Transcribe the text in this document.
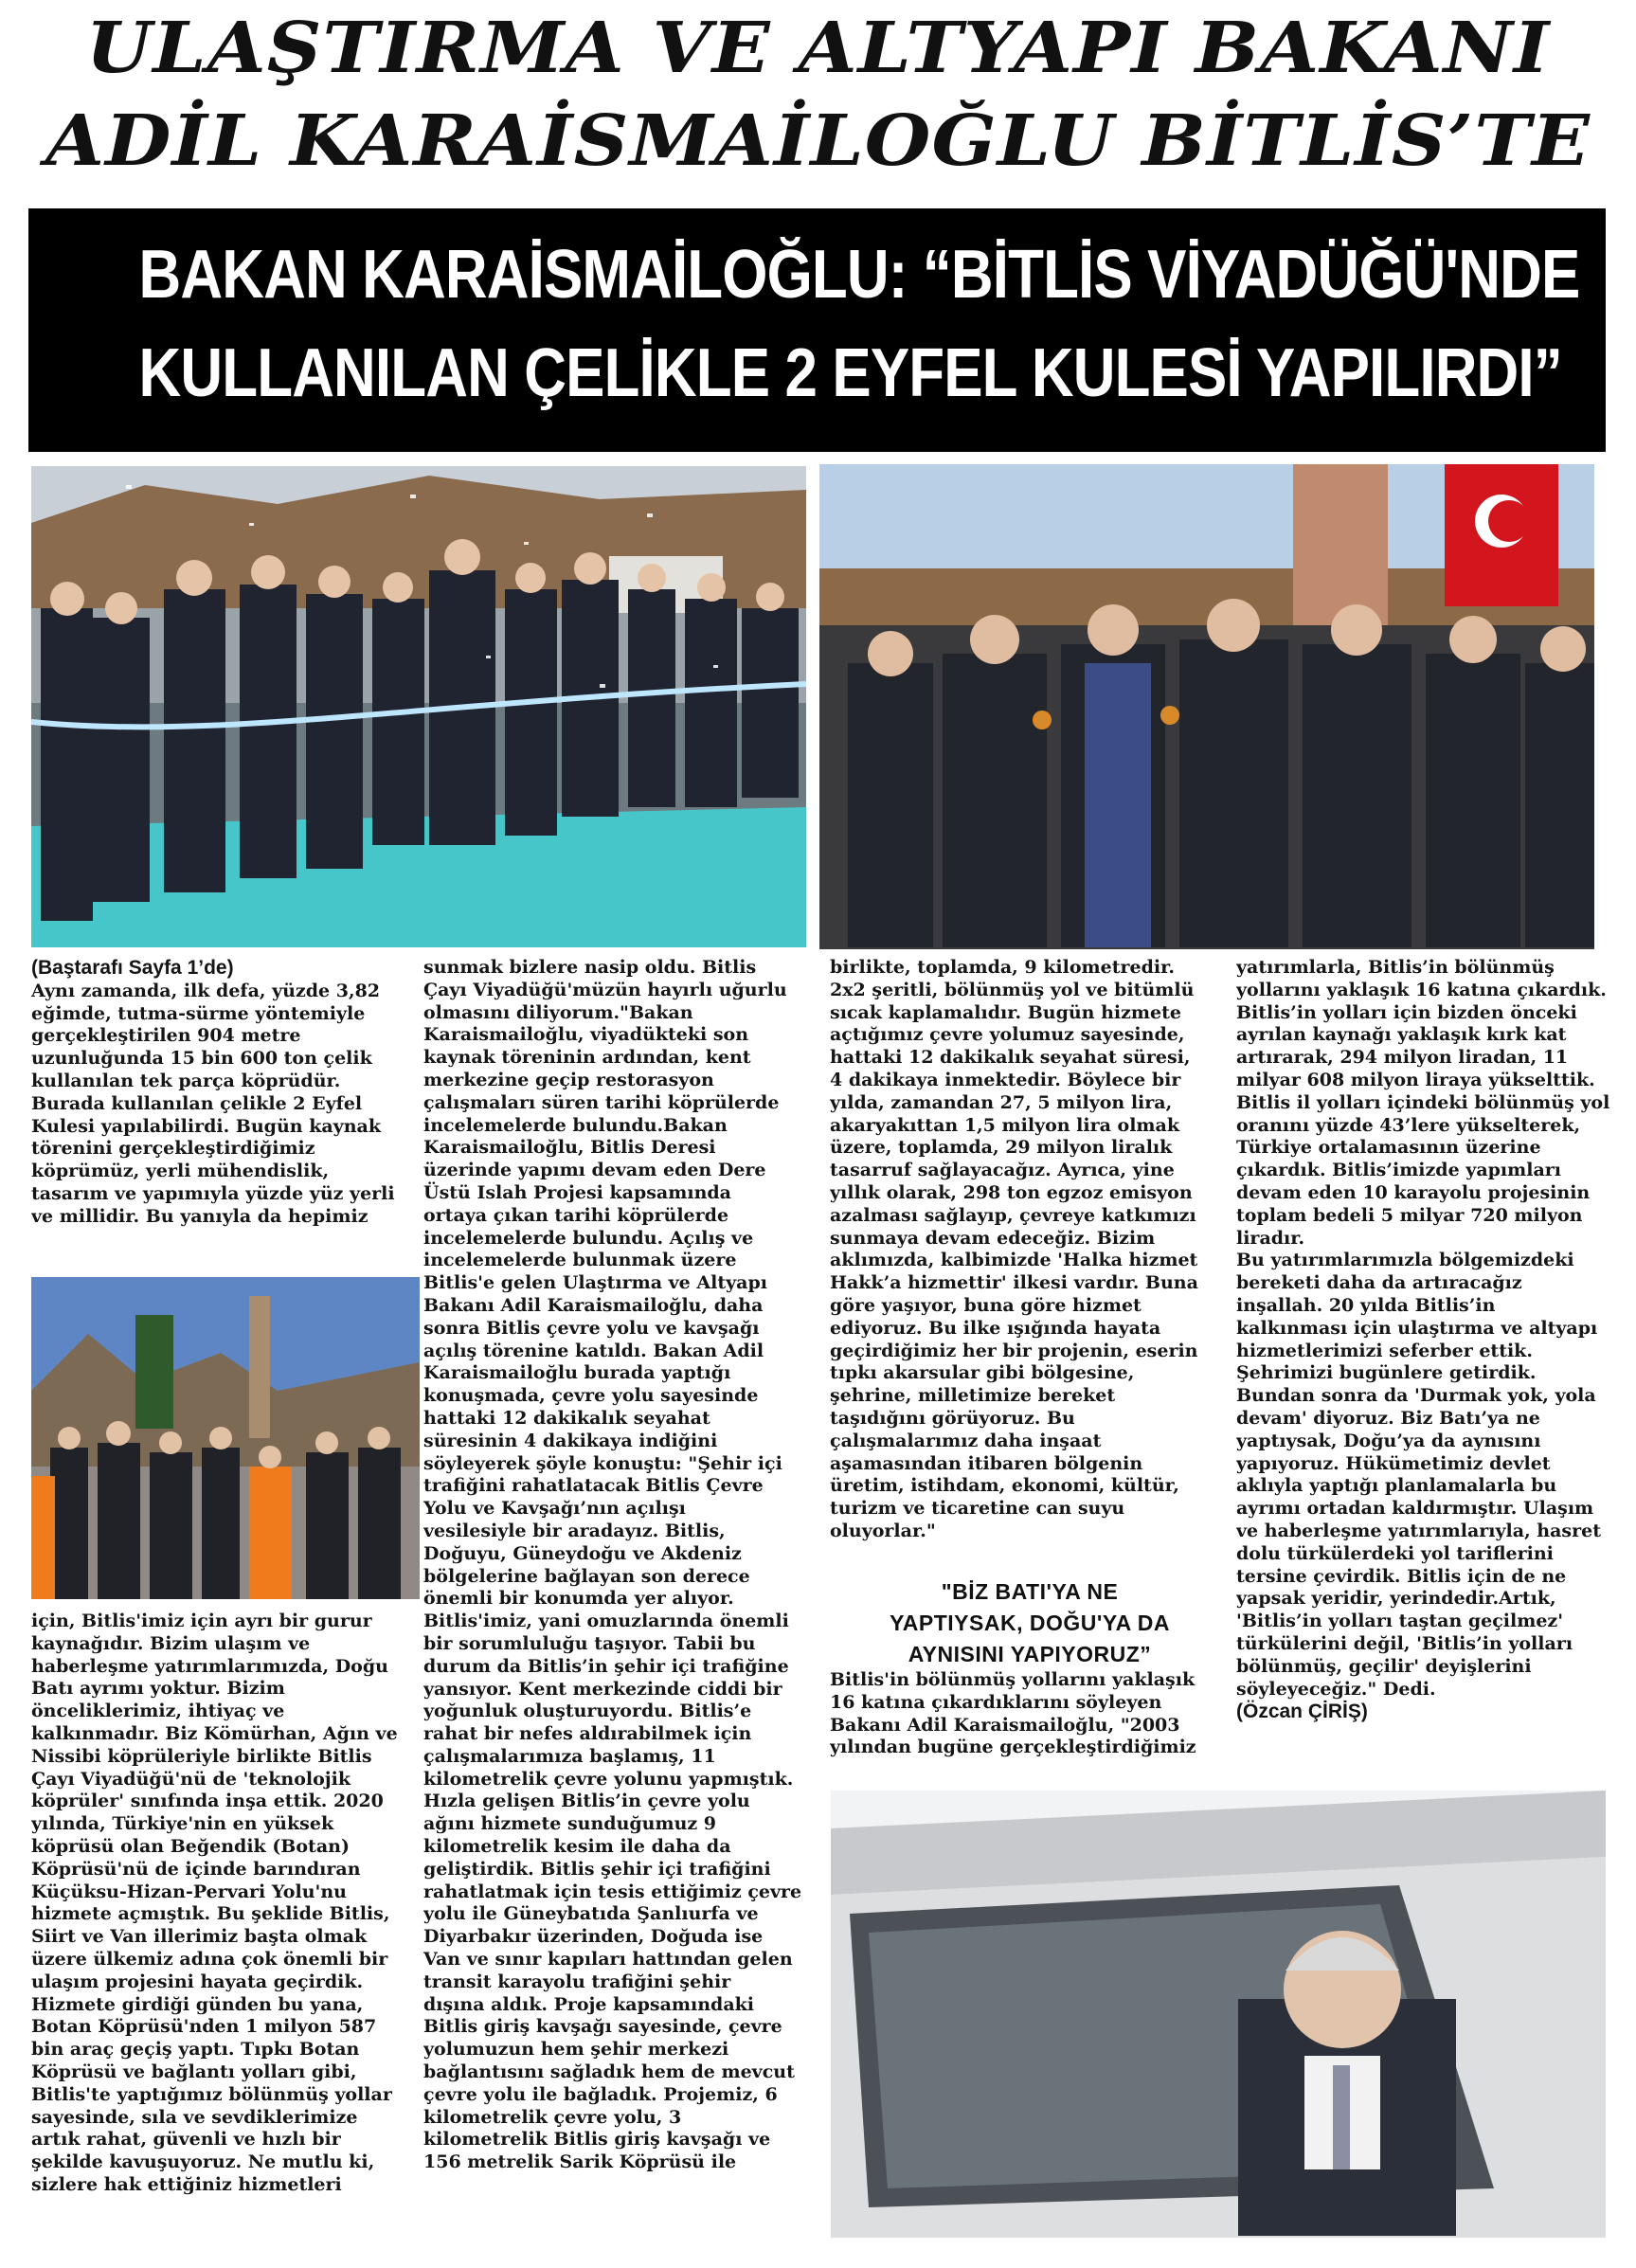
ULAŞTIRMA VE ALTYAPI BAKANI
ADİL KARAİSMAİLOĞLU BİTLİS’TE
BAKAN KARAİSMAİLOĞLU: “BİTLİS VİYADÜĞÜ'NDE
KULLANILAN ÇELİKLE 2 EYFEL KULESİ YAPILIRDI”
(Baştarafı Sayfa 1’de)
Aynı zamanda, ilk defa, yüzde 3,82
eğimde, tutma-sürme yöntemiyle
gerçekleştirilen 904 metre
uzunluğunda 15 bin 600 ton çelik
kullanılan tek parça köprüdür.
Burada kullanılan çelikle 2 Eyfel
Kulesi yapılabilirdi. Bugün kaynak
törenini gerçekleştirdiğimiz
köprümüz, yerli mühendislik,
tasarım ve yapımıyla yüzde yüz yerli
ve millidir. Bu yanıyla da hepimiz
için, Bitlis'imiz için ayrı bir gurur
kaynağıdır. Bizim ulaşım ve
haberleşme yatırımlarımızda, Doğu
Batı ayrımı yoktur. Bizim
önceliklerimiz, ihtiyaç ve
kalkınmadır. Biz Kömürhan, Ağın ve
Nissibi köprüleriyle birlikte Bitlis
Çayı Viyadüğü'nü de 'teknolojik
köprüler' sınıfında inşa ettik. 2020
yılında, Türkiye'nin en yüksek
köprüsü olan Beğendik (Botan)
Köprüsü'nü de içinde barındıran
Küçüksu-Hizan-Pervari Yolu'nu
hizmete açmıştık. Bu şeklide Bitlis,
Siirt ve Van illerimiz başta olmak
üzere ülkemiz adına çok önemli bir
ulaşım projesini hayata geçirdik.
Hizmete girdiği günden bu yana,
Botan Köprüsü'nden 1 milyon 587
bin araç geçiş yaptı. Tıpkı Botan
Köprüsü ve bağlantı yolları gibi,
Bitlis'te yaptığımız bölünmüş yollar
sayesinde, sıla ve sevdiklerimize
artık rahat, güvenli ve hızlı bir
şekilde kavuşuyoruz. Ne mutlu ki,
sizlere hak ettiğiniz hizmetleri
sunmak bizlere nasip oldu. Bitlis
Çayı Viyadüğü'müzün hayırlı uğurlu
olmasını diliyorum."Bakan
Karaismailoğlu, viyadükteki son
kaynak töreninin ardından, kent
merkezine geçip restorasyon
çalışmaları süren tarihi köprülerde
incelemelerde bulundu.Bakan
Karaismailoğlu, Bitlis Deresi
üzerinde yapımı devam eden Dere
Üstü Islah Projesi kapsamında
ortaya çıkan tarihi köprülerde
incelemelerde bulundu. Açılış ve
incelemelerde bulunmak üzere
Bitlis'e gelen Ulaştırma ve Altyapı
Bakanı Adil Karaismailoğlu, daha
sonra Bitlis çevre yolu ve kavşağı
açılış törenine katıldı. Bakan Adil
Karaismailoğlu burada yaptığı
konuşmada, çevre yolu sayesinde
hattaki 12 dakikalık seyahat
süresinin 4 dakikaya indiğini
söyleyerek şöyle konuştu: "Şehir içi
trafiğini rahatlatacak Bitlis Çevre
Yolu ve Kavşağı’nın açılışı
vesilesiyle bir aradayız. Bitlis,
Doğuyu, Güneydoğu ve Akdeniz
bölgelerine bağlayan son derece
önemli bir konumda yer alıyor.
Bitlis'imiz, yani omuzlarında önemli
bir sorumluluğu taşıyor. Tabii bu
durum da Bitlis’in şehir içi trafiğine
yansıyor. Kent merkezinde ciddi bir
yoğunluk oluşturuyordu. Bitlis’e
rahat bir nefes aldırabilmek için
çalışmalarımıza başlamış, 11
kilometrelik çevre yolunu yapmıştık.
Hızla gelişen Bitlis’in çevre yolu
ağını hizmete sunduğumuz 9
kilometrelik kesim ile daha da
geliştirdik. Bitlis şehir içi trafiğini
rahatlatmak için tesis ettiğimiz çevre
yolu ile Güneybatıda Şanlıurfa ve
Diyarbakır üzerinden, Doğuda ise
Van ve sınır kapıları hattından gelen
transit karayolu trafiğini şehir
dışına aldık. Proje kapsamındaki
Bitlis giriş kavşağı sayesinde, çevre
yolumuzun hem şehir merkezi
bağlantısını sağladık hem de mevcut
çevre yolu ile bağladık. Projemiz, 6
kilometrelik çevre yolu, 3
kilometrelik Bitlis giriş kavşağı ve
156 metrelik Sarik Köprüsü ile
birlikte, toplamda, 9 kilometredir.
2x2 şeritli, bölünmüş yol ve bitümlü
sıcak kaplamalıdır. Bugün hizmete
açtığımız çevre yolumuz sayesinde,
hattaki 12 dakikalık seyahat süresi,
4 dakikaya inmektedir. Böylece bir
yılda, zamandan 27, 5 milyon lira,
akaryakıttan 1,5 milyon lira olmak
üzere, toplamda, 29 milyon liralık
tasarruf sağlayacağız. Ayrıca, yine
yıllık olarak, 298 ton egzoz emisyon
azalması sağlayıp, çevreye katkımızı
sunmaya devam edeceğiz. Bizim
aklımızda, kalbimizde 'Halka hizmet
Hakk’a hizmettir' ilkesi vardır. Buna
göre yaşıyor, buna göre hizmet
ediyoruz. Bu ilke ışığında hayata
geçirdiğimiz her bir projenin, eserin
tıpkı akarsular gibi bölgesine,
şehrine, milletimize bereket
taşıdığını görüyoruz. Bu
çalışmalarımız daha inşaat
aşamasından itibaren bölgenin
üretim, istihdam, ekonomi, kültür,
turizm ve ticaretine can suyu
oluyorlar."
"BİZ BATI'YA NE
YAPTIYSAK, DOĞU'YA DA
AYNISINI YAPIYORUZ”
Bitlis'in bölünmüş yollarını yaklaşık
16 katına çıkardıklarını söyleyen
Bakanı Adil Karaismailoğlu, "2003
yılından bugüne gerçekleştirdiğimiz
yatırımlarla, Bitlis’in bölünmüş
yollarını yaklaşık 16 katına çıkardık.
Bitlis’in yolları için bizden önceki
ayrılan kaynağı yaklaşık kırk kat
artırarak, 294 milyon liradan, 11
milyar 608 milyon liraya yükselttik.
Bitlis il yolları içindeki bölünmüş yol
oranını yüzde 43’lere yükselterek,
Türkiye ortalamasının üzerine
çıkardık. Bitlis’imizde yapımları
devam eden 10 karayolu projesinin
toplam bedeli 5 milyar 720 milyon
liradır.
Bu yatırımlarımızla bölgemizdeki
bereketi daha da artıracağız
inşallah. 20 yılda Bitlis’in
kalkınması için ulaştırma ve altyapı
hizmetlerimizi seferber ettik.
Şehrimizi bugünlere getirdik.
Bundan sonra da 'Durmak yok, yola
devam' diyoruz. Biz Batı’ya ne
yaptıysak, Doğu’ya da aynısını
yapıyoruz. Hükümetimiz devlet
aklıyla yaptığı planlamalarla bu
ayrımı ortadan kaldırmıştır. Ulaşım
ve haberleşme yatırımlarıyla, hasret
dolu türkülerdeki yol tariflerini
tersine çevirdik. Bitlis için de ne
yapsak yeridir, yerindedir.Artık,
'Bitlis’in yolları taştan geçilmez'
türkülerini değil, 'Bitlis’in yolları
bölünmüş, geçilir' deyişlerini
söyleyeceğiz." Dedi.
(Özcan ÇİRİŞ)
